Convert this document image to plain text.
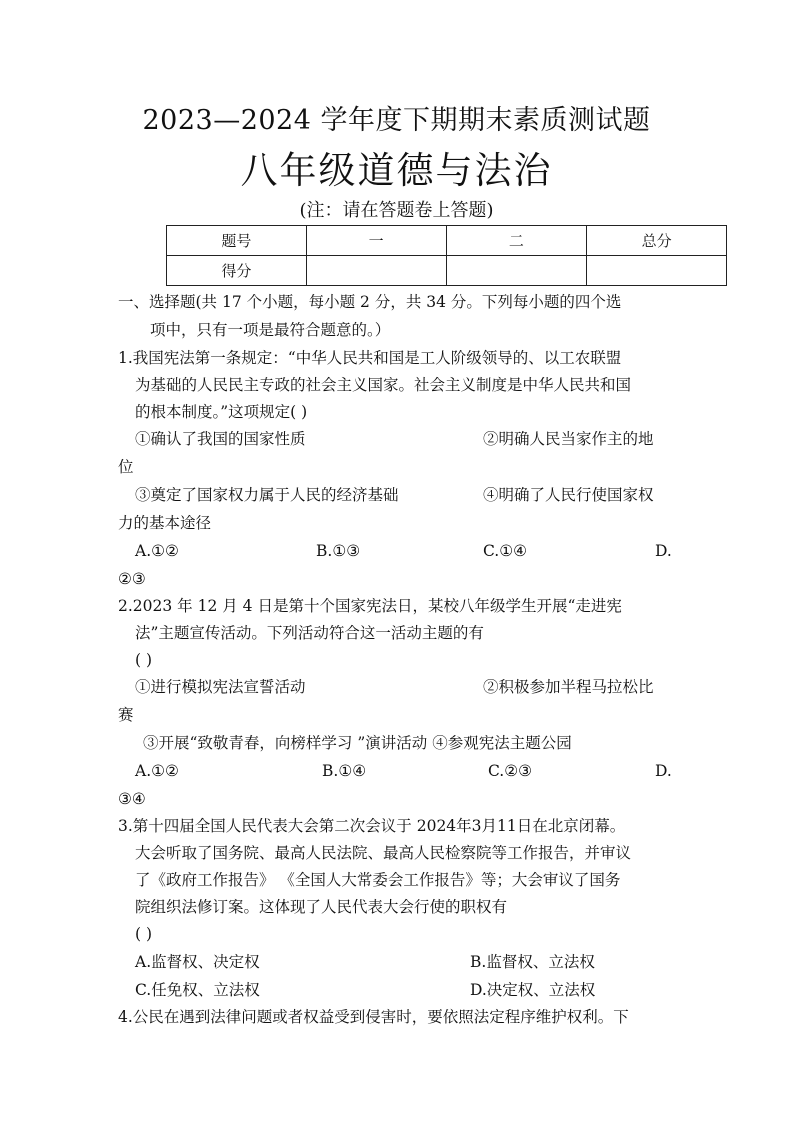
2023—2024 学年度下期期末素质测试题
八年级道德与法治
(注：请在答题卷上答题)
题号	一	二	总分
得分			
一、选择题(共 17 个小题，每小题 2 分，共 34 分。下列每小题的四个选
项中，只有一项是最符合题意的。）
1.我国宪法第一条规定：“中华人民共和国是工人阶级领导的、以工农联盟
为基础的人民民主专政的社会主义国家。社会主义制度是中华人民共和国
的根本制度。”这项规定( )
①确认了我国的国家性质	②明确人民当家作主的地
位
③奠定了国家权力属于人民的经济基础	④明确了人民行使国家权
力的基本途径
A.①②	B.①③	C.①④	D.
②③
2.2023 年 12 月 4 日是第十个国家宪法日，某校八年级学生开展“走进宪
法”主题宣传活动。下列活动符合这一活动主题的有
( )
①进行模拟宪法宣誓活动	②积极参加半程马拉松比
赛
③开展“致敬青春，向榜样学习 ”演讲活动 ④参观宪法主题公园
A.①②	B.①④	C.②③	D.
③④
3.第十四届全国人民代表大会第二次会议于 2024年3月11日在北京闭幕。
大会听取了国务院、最高人民法院、最高人民检察院等工作报告，并审议
了《政府工作报告》 《全国人大常委会工作报告》等；大会审议了国务
院组织法修订案。这体现了人民代表大会行使的职权有
( )
A.监督权、决定权	B.监督权、立法权
C.任免权、立法权	D.决定权、立法权
4.公民在遇到法律问题或者权益受到侵害时，要依照法定程序维护权利。下
